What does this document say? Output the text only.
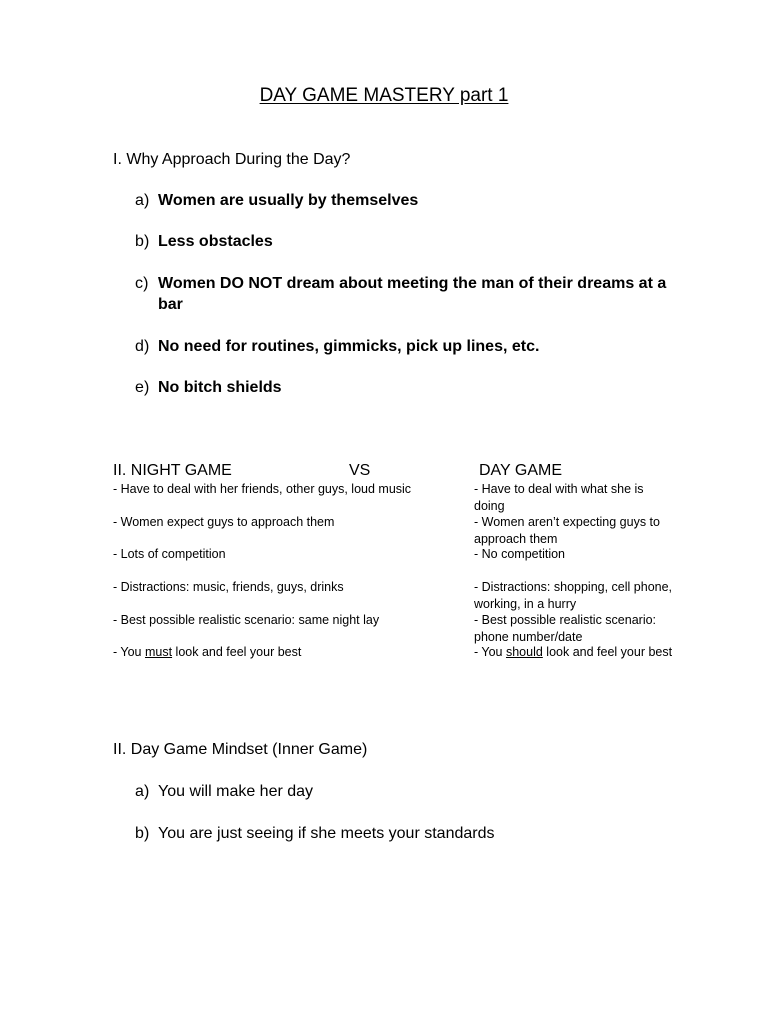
DAY GAME MASTERY part 1
I. Why Approach During the Day?
a) Women are usually by themselves
b) Less obstacles
c) Women DO NOT dream about meeting the man of their dreams at a bar
d) No need for routines, gimmicks, pick up lines, etc.
e) No bitch shields
II. NIGHT GAME	VS	DAY GAME
- Have to deal with her friends, other guys, loud music	- Have to deal with what she is doing
- Women expect guys to approach them	- Women aren’t expecting guys to approach them
- Lots of competition	- No competition
- Distractions: music, friends, guys, drinks	- Distractions: shopping, cell phone, working, in a hurry
- Best possible realistic scenario: same night lay	- Best possible realistic scenario: phone number/date
- You must look and feel your best	- You should look and feel your best
II. Day Game Mindset (Inner Game)
a) You will make her day
b) You are just seeing if she meets your standards
